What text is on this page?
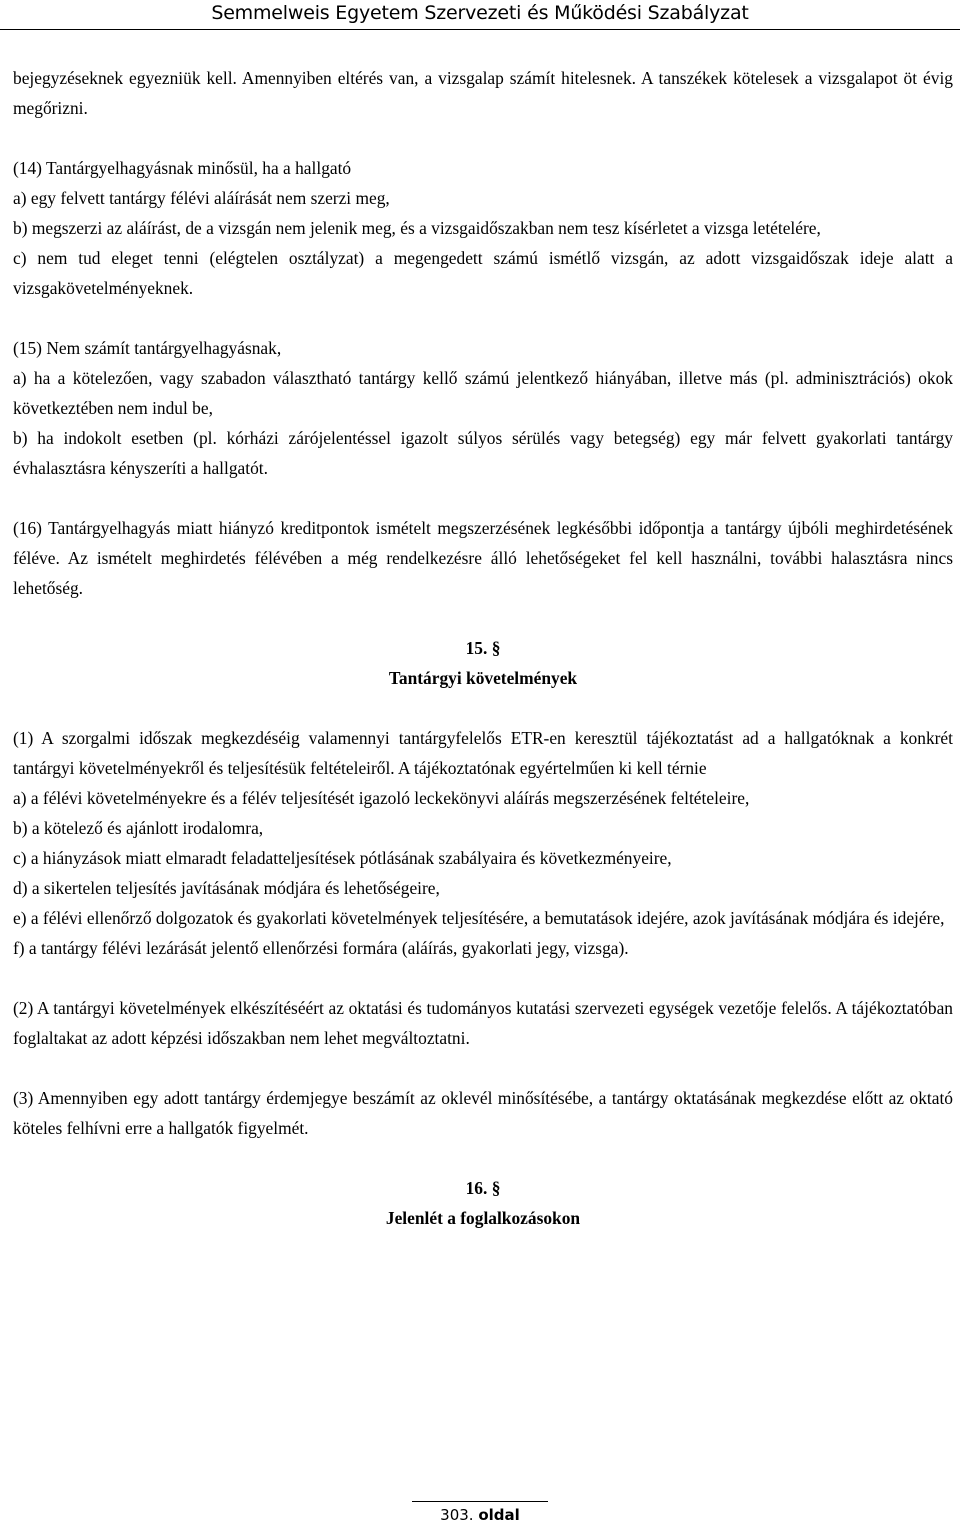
Semmelweis Egyetem Szervezeti és Működési Szabályzat

bejegyzéseknek egyezniük kell. Amennyiben eltérés van, a vizsgalap számít hitelesnek. A tanszékek kötelesek a vizsgalapot öt évig megőrizni.

(14) Tantárgyelhagyásnak minősül, ha a hallgató

a) egy felvett tantárgy félévi aláírását nem szerzi meg,

b) megszerzi az aláírást, de a vizsgán nem jelenik meg, és a vizsgaidőszakban nem tesz kísérletet a vizsga letételére,

c) nem tud eleget tenni (elégtelen osztályzat) a megengedett számú ismétlő vizsgán, az adott vizsgaidőszak ideje alatt a vizsgakövetelményeknek.

(15) Nem számít tantárgyelhagyásnak,

a) ha a kötelezően, vagy szabadon választható tantárgy kellő számú jelentkező hiányában, illetve más (pl. adminisztrációs) okok következtében nem indul be,

b) ha indokolt esetben (pl. kórházi zárójelentéssel igazolt súlyos sérülés vagy betegség) egy már felvett gyakorlati tantárgy évhalasztásra kényszeríti a hallgatót.

(16) Tantárgyelhagyás miatt hiányzó kreditpontok ismételt megszerzésének legkésőbbi időpontja a tantárgy újbóli meghirdetésének féléve. Az ismételt meghirdetés félévében a még rendelkezésre álló lehetőségeket fel kell használni, további halasztásra nincs lehetőség.

15. §

Tantárgyi követelmények

(1) A szorgalmi időszak megkezdéséig valamennyi tantárgyfelelős ETR-en keresztül tájékoztatást ad a hallgatóknak a konkrét tantárgyi követelményekről és teljesítésük feltételeiről. A tájékoztatónak egyértelműen ki kell térnie

a) a félévi követelményekre és a félév teljesítését igazoló leckekönyvi aláírás megszerzésének feltételeire,

b) a kötelező és ajánlott irodalomra,

c) a hiányzások miatt elmaradt feladatteljesítések pótlásának szabályaira és következményeire,

d) a sikertelen teljesítés javításának módjára és lehetőségeire,

e) a félévi ellenőrző dolgozatok és gyakorlati követelmények teljesítésére, a bemutatások idejére, azok javításának módjára és idejére,

f) a tantárgy félévi lezárását jelentő ellenőrzési formára (aláírás, gyakorlati jegy, vizsga).

(2) A tantárgyi követelmények elkészítéséért az oktatási és tudományos kutatási szervezeti egységek vezetője felelős. A tájékoztatóban foglaltakat az adott képzési időszakban nem lehet megváltoztatni.

(3) Amennyiben egy adott tantárgy érdemjegye beszámít az oklevél minősítésébe, a tantárgy oktatásának megkezdése előtt az oktató köteles felhívni erre a hallgatók figyelmét.

16. §

Jelenlét a foglalkozásokon

303. oldal
